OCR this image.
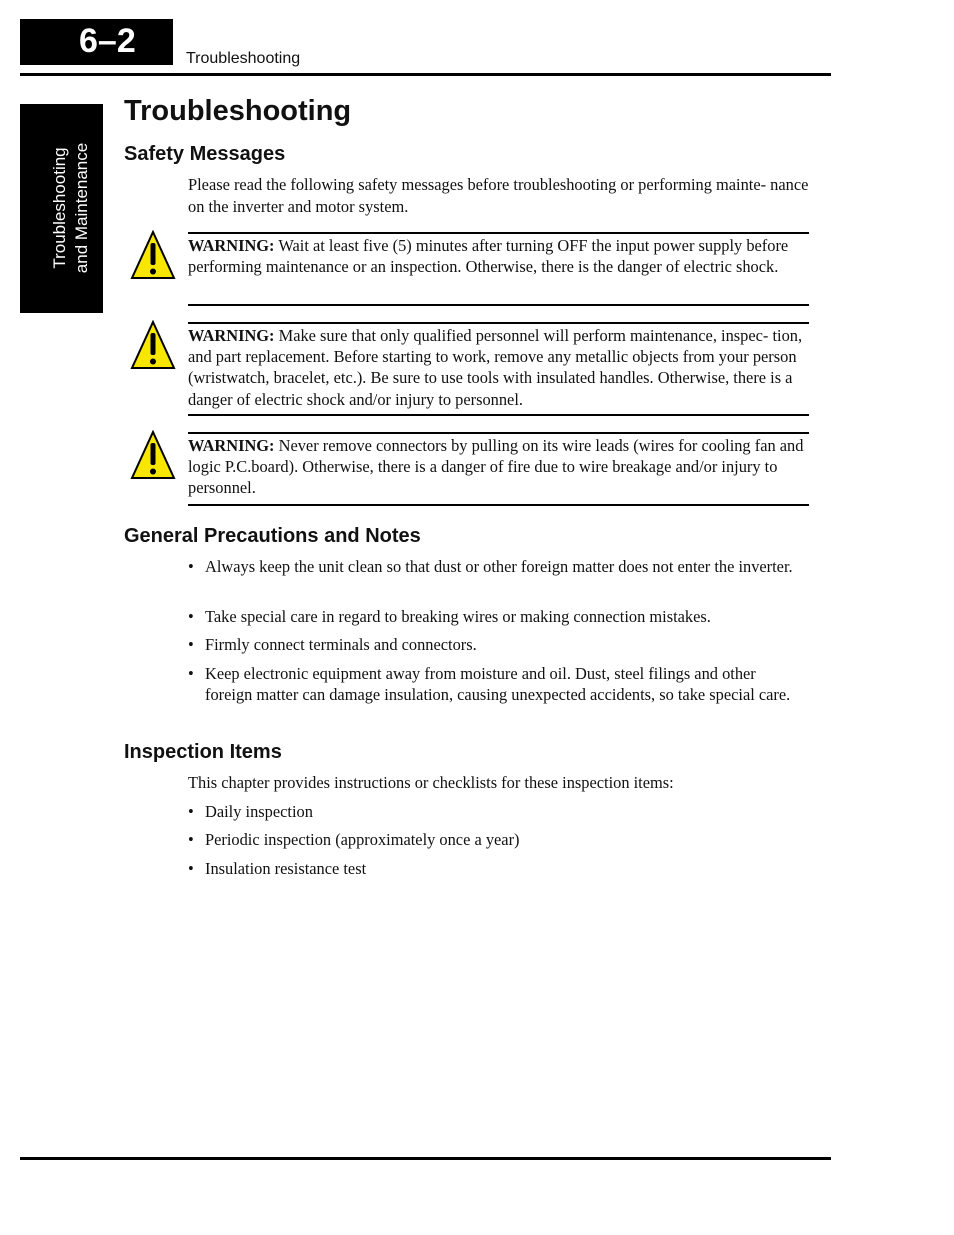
6–2	Troubleshooting
Troubleshooting and Maintenance
Troubleshooting
Safety Messages

Please read the following safety messages before troubleshooting or performing mainte- nance on the inverter and motor system.

WARNING: Wait at least five (5) minutes after turning OFF the input power supply before performing maintenance or an inspection. Otherwise, there is the danger of electric shock.

WARNING: Make sure that only qualified personnel will perform maintenance, inspec- tion, and part replacement. Before starting to work, remove any metallic objects from your person (wristwatch, bracelet, etc.). Be sure to use tools with insulated handles. Otherwise, there is a danger of electric shock and/or injury to personnel.

WARNING: Never remove connectors by pulling on its wire leads (wires for cooling fan and logic P.C.board). Otherwise, there is a danger of fire due to wire breakage and/or injury to personnel.

General Precautions and Notes
• Always keep the unit clean so that dust or other foreign matter does not enter the inverter.
• Take special care in regard to breaking wires or making connection mistakes.
• Firmly connect terminals and connectors.
• Keep electronic equipment away from moisture and oil. Dust, steel filings and other foreign matter can damage insulation, causing unexpected accidents, so take special care.
Inspection Items

This chapter provides instructions or checklists for these inspection items:

• Daily inspection
• Periodic inspection (approximately once a year)
• Insulation resistance test
